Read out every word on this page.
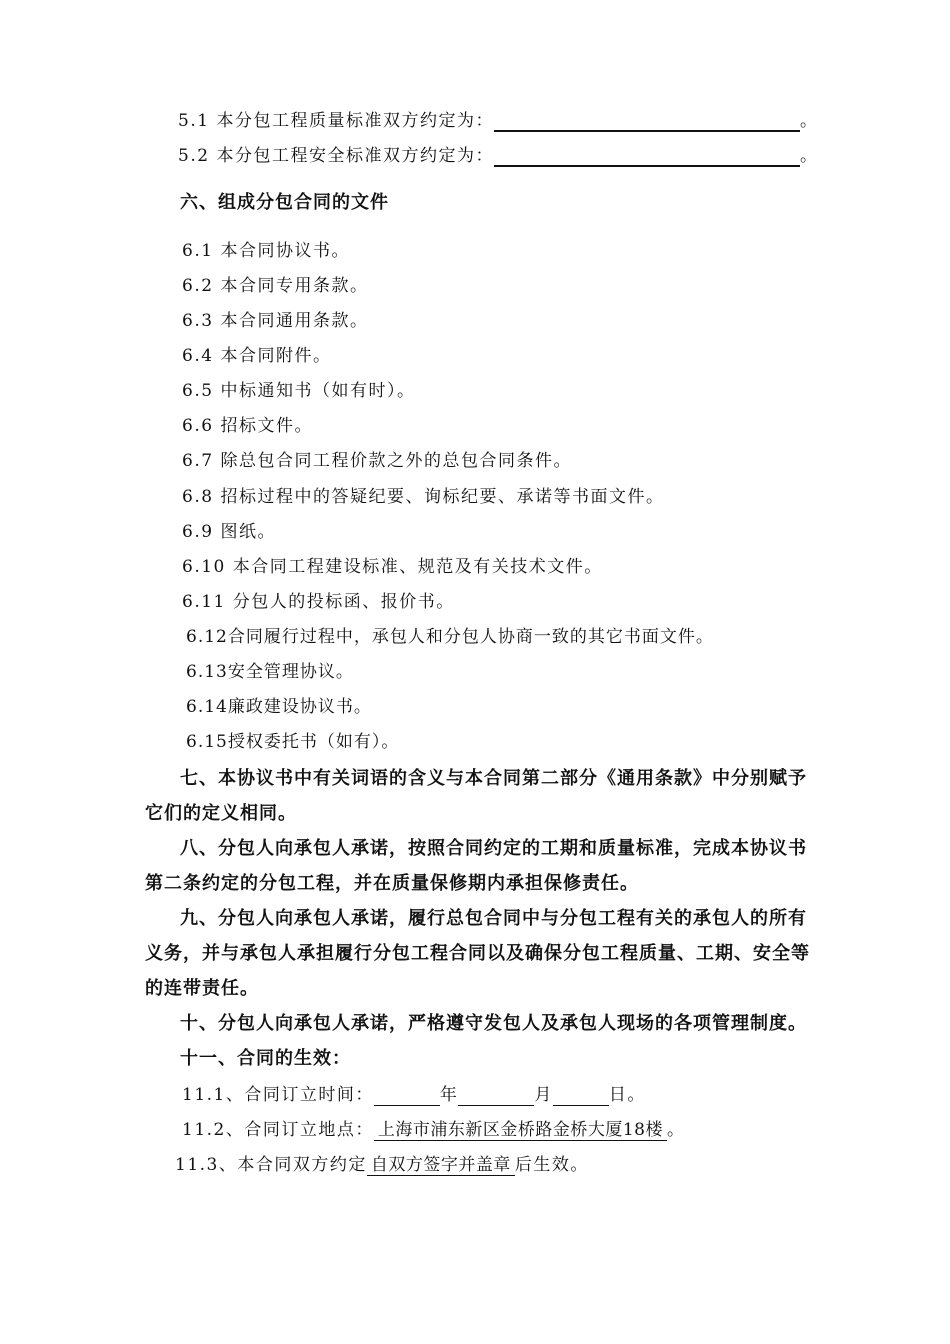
5.1 本分包工程质量标准双方约定为：	。
5.2 本分包工程安全标准双方约定为：	。
六、组成分包合同的文件
6.1 本合同协议书。
6.2 本合同专用条款。
6.3 本合同通用条款。
6.4 本合同附件。
6.5 中标通知书（如有时）。
6.6 招标文件。
6.7 除总包合同工程价款之外的总包合同条件。
6.8 招标过程中的答疑纪要、询标纪要、承诺等书面文件。
6.9 图纸。
6.10 本合同工程建设标准、规范及有关技术文件。
6.11 分包人的投标函、报价书。
6.12合同履行过程中，承包人和分包人协商一致的其它书面文件。
6.13安全管理协议。
6.14廉政建设协议书。
6.15授权委托书（如有）。
七、本协议书中有关词语的含义与本合同第二部分《通用条款》中分别赋予
它们的定义相同。
八、分包人向承包人承诺，按照合同约定的工期和质量标准，完成本协议书
第二条约定的分包工程，并在质量保修期内承担保修责任。
九、分包人向承包人承诺，履行总包合同中与分包工程有关的承包人的所有
义务，并与承包人承担履行分包工程合同以及确保分包工程质量、工期、安全等
的连带责任。
十、分包人向承包人承诺，严格遵守发包人及承包人现场的各项管理制度。
十一、合同的生效：
11.1、合同订立时间：	年	月	日。
11.2、合同订立地点： 上海市浦东新区金桥路金桥大厦18楼 。
11.3、本合同双方约定 自双方签字并盖章 后生效。
